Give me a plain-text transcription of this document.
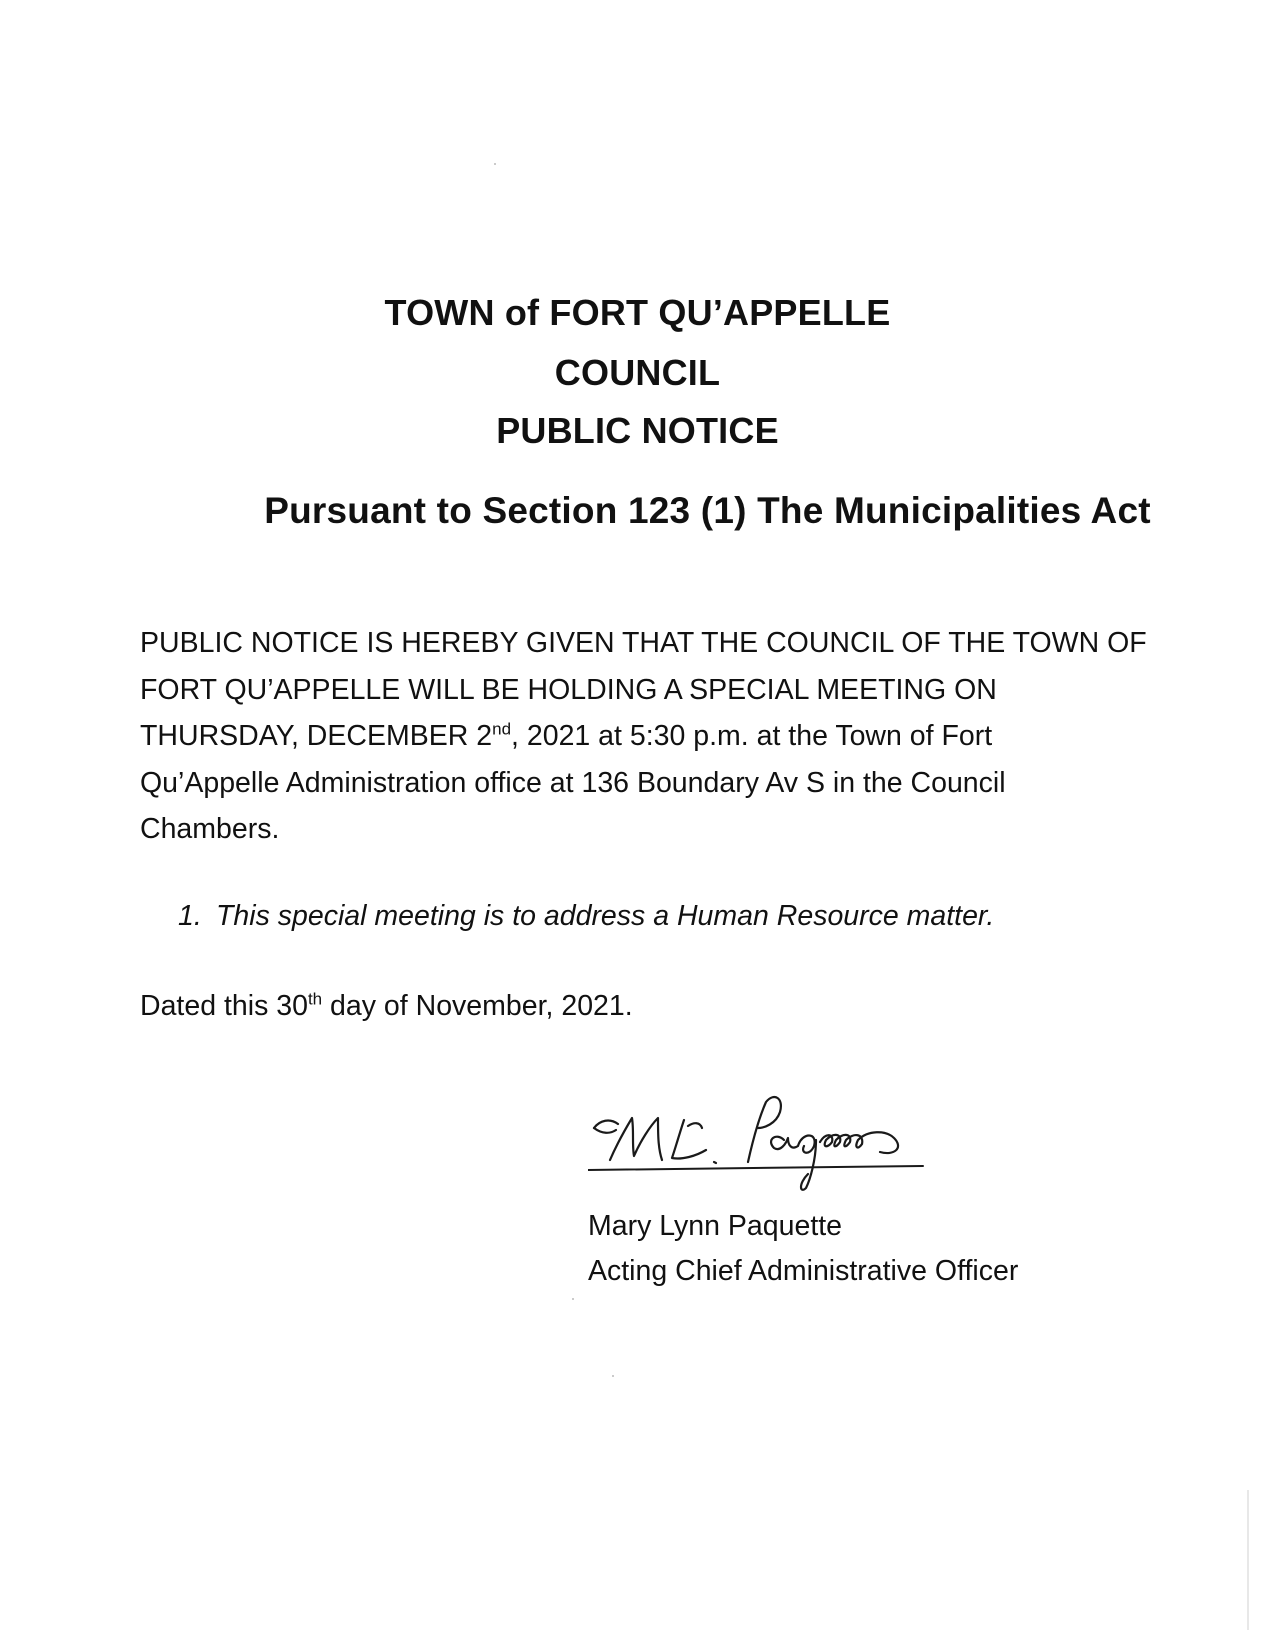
TOWN of FORT QU’APPELLE
COUNCIL
PUBLIC NOTICE
Pursuant to Section 123 (1) The Municipalities Act

PUBLIC NOTICE IS HEREBY GIVEN THAT THE COUNCIL OF THE TOWN OF
FORT QU’APPELLE WILL BE HOLDING A SPECIAL MEETING ON
THURSDAY, DECEMBER 2nd, 2021 at 5:30 p.m. at the Town of Fort
Qu’Appelle Administration office at 136 Boundary Av S in the Council
Chambers.

1. This special meeting is to address a Human Resource matter.

Dated this 30th day of November, 2021.

Mary Lynn Paquette

Acting Chief Administrative Officer
